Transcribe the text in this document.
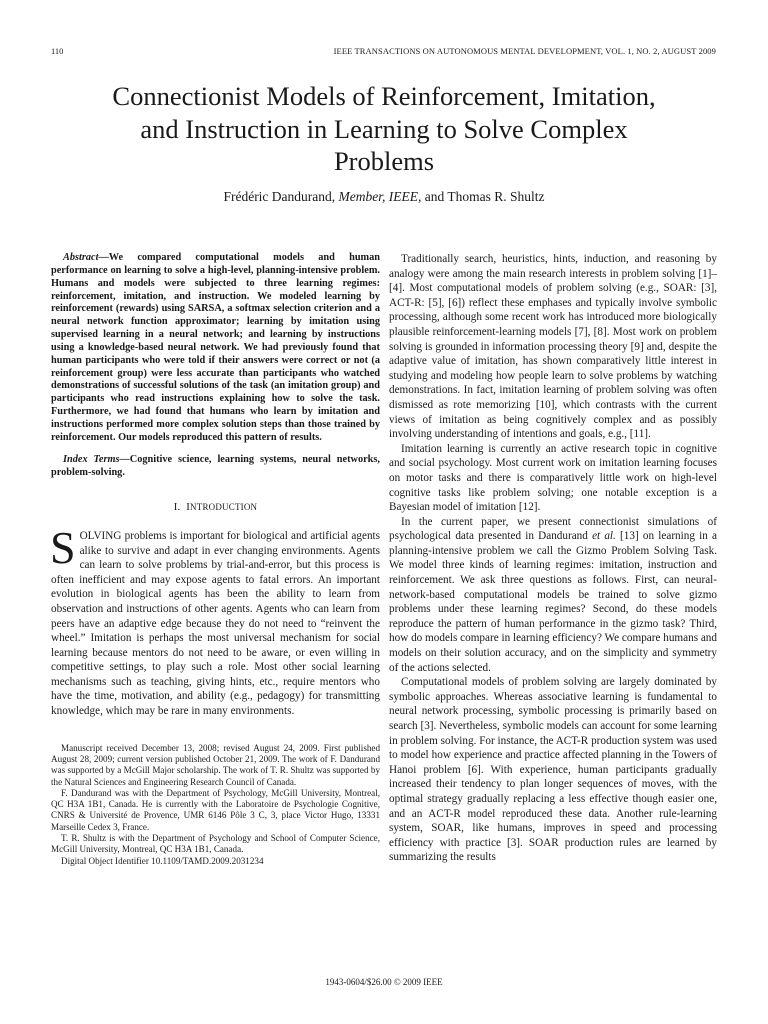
110	IEEE TRANSACTIONS ON AUTONOMOUS MENTAL DEVELOPMENT, VOL. 1, NO. 2, AUGUST 2009
Connectionist Models of Reinforcement, Imitation,
and Instruction in Learning to Solve Complex
Problems
Frédéric Dandurand, Member, IEEE, and Thomas R. Shultz

Abstract—We compared computational models and human performance on learning to solve a high-level, planning-intensive problem. Humans and models were subjected to three learning regimes: reinforcement, imitation, and instruction. We modeled learning by reinforcement (rewards) using SARSA, a softmax selection criterion and a neural network function approximator; learning by imitation using supervised learning in a neural network; and learning by instructions using a knowledge-based neural network. We had previously found that human participants who were told if their answers were correct or not (a reinforcement group) were less accurate than participants who watched demonstrations of successful solutions of the task (an imitation group) and participants who read instructions explaining how to solve the task. Furthermore, we had found that humans who learn by imitation and instructions performed more complex solution steps than those trained by reinforcement. Our models reproduced this pattern of results.

Index Terms—Cognitive science, learning systems, neural networks, problem-solving.

I. INTRODUCTION

SOLVING problems is important for biological and artificial agents alike to survive and adapt in ever changing environments. Agents can learn to solve problems by trial-and-error, but this process is often inefficient and may expose agents to fatal errors. An important evolution in biological agents has been the ability to learn from observation and instructions of other agents. Agents who can learn from peers have an adaptive edge because they do not need to “reinvent the wheel.” Imitation is perhaps the most universal mechanism for social learning because mentors do not need to be aware, or even willing in competitive settings, to play such a role. Most other social learning mechanisms such as teaching, giving hints, etc., require mentors who have the time, motivation, and ability (e.g., pedagogy) for transmitting knowledge, which may be rare in many environments.

Manuscript received December 13, 2008; revised August 24, 2009. First published August 28, 2009; current version published October 21, 2009. The work of F. Dandurand was supported by a McGill Major scholarship. The work of T. R. Shultz was supported by the Natural Sciences and Engineering Research Council of Canada.

F. Dandurand was with the Department of Psychology, McGill University, Montreal, QC H3A 1B1, Canada. He is currently with the Laboratoire de Psychologie Cognitive, CNRS & Université de Provence, UMR 6146 Pôle 3 C, 3, place Victor Hugo, 13331 Marseille Cedex 3, France.

T. R. Shultz is with the Department of Psychology and School of Computer Science, McGill University, Montreal, QC H3A 1B1, Canada.

Digital Object Identifier 10.1109/TAMD.2009.2031234

Traditionally search, heuristics, hints, induction, and reasoning by analogy were among the main research interests in problem solving [1]–[4]. Most computational models of problem solving (e.g., SOAR: [3], ACT-R: [5], [6]) reflect these emphases and typically involve symbolic processing, although some recent work has introduced more biologically plausible reinforcement-learning models [7], [8]. Most work on problem solving is grounded in information processing theory [9] and, despite the adaptive value of imitation, has shown comparatively little interest in studying and modeling how people learn to solve problems by watching demonstrations. In fact, imitation learning of problem solving was often dismissed as rote memorizing [10], which contrasts with the current views of imitation as being cognitively complex and as possibly involving understanding of intentions and goals, e.g., [11].

Imitation learning is currently an active research topic in cognitive and social psychology. Most current work on imitation learning focuses on motor tasks and there is comparatively little work on high-level cognitive tasks like problem solving; one notable exception is a Bayesian model of imitation [12].

In the current paper, we present connectionist simulations of psychological data presented in Dandurand et al. [13] on learning in a planning-intensive problem we call the Gizmo Problem Solving Task. We model three kinds of learning regimes: imitation, instruction and reinforcement. We ask three questions as follows. First, can neural-network-based computational models be trained to solve gizmo problems under these learning regimes? Second, do these models reproduce the pattern of human performance in the gizmo task? Third, how do models compare in learning efficiency? We compare humans and models on their solution accuracy, and on the simplicity and symmetry of the actions selected.

Computational models of problem solving are largely dominated by symbolic approaches. Whereas associative learning is fundamental to neural network processing, symbolic processing is primarily based on search [3]. Nevertheless, symbolic models can account for some learning in problem solving. For instance, the ACT-R production system was used to model how experience and practice affected planning in the Towers of Hanoi problem [6]. With experience, human participants gradually increased their tendency to plan longer sequences of moves, with the optimal strategy gradually replacing a less effective though easier one, and an ACT-R model reproduced these data. Another rule-learning system, SOAR, like humans, improves in speed and processing efficiency with practice [3]. SOAR production rules are learned by summarizing the results

1943-0604/$26.00 © 2009 IEEE
